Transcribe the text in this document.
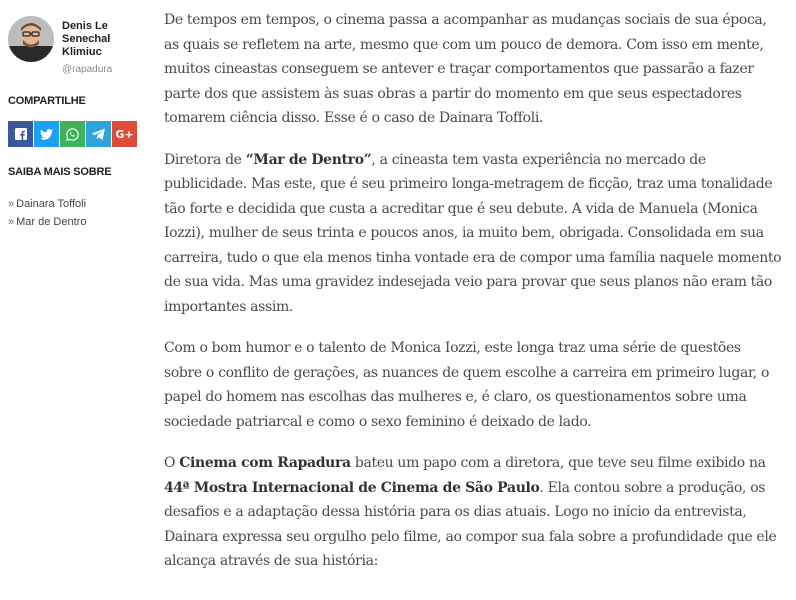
Denis Le Senechal Klimiuc
@rapadura
COMPARTILHE
G+
SAIBA MAIS SOBRE
» Dainara Toffoli
» Mar de Dentro

De tempos em tempos, o cinema passa a acompanhar as mudanças sociais de sua época, as quais se refletem na arte, mesmo que com um pouco de demora. Com isso em mente, muitos cineastas conseguem se antever e traçar comportamentos que passarão a fazer parte dos que assistem às suas obras a partir do momento em que seus espectadores tomarem ciência disso. Esse é o caso de Dainara Toffoli.

Diretora de “Mar de Dentro”, a cineasta tem vasta experiência no mercado de publicidade. Mas este, que é seu primeiro longa-metragem de ficção, traz uma tonalidade tão forte e decidida que custa a acreditar que é seu debute. A vida de Manuela (Monica Iozzi), mulher de seus trinta e poucos anos, ia muito bem, obrigada. Consolidada em sua carreira, tudo o que ela menos tinha vontade era de compor uma família naquele momento de sua vida. Mas uma gravidez indesejada veio para provar que seus planos não eram tão importantes assim.

Com o bom humor e o talento de Monica Iozzi, este longa traz uma série de questões sobre o conflito de gerações, as nuances de quem escolhe a carreira em primeiro lugar, o papel do homem nas escolhas das mulheres e, é claro, os questionamentos sobre uma sociedade patriarcal e como o sexo feminino é deixado de lado.

O Cinema com Rapadura bateu um papo com a diretora, que teve seu filme exibido na 44ª Mostra Internacional de Cinema de São Paulo. Ela contou sobre a produção, os desafios e a adaptação dessa história para os dias atuais. Logo no início da entrevista, Dainara expressa seu orgulho pelo filme, ao compor sua fala sobre a profundidade que ele alcança através de sua história:
